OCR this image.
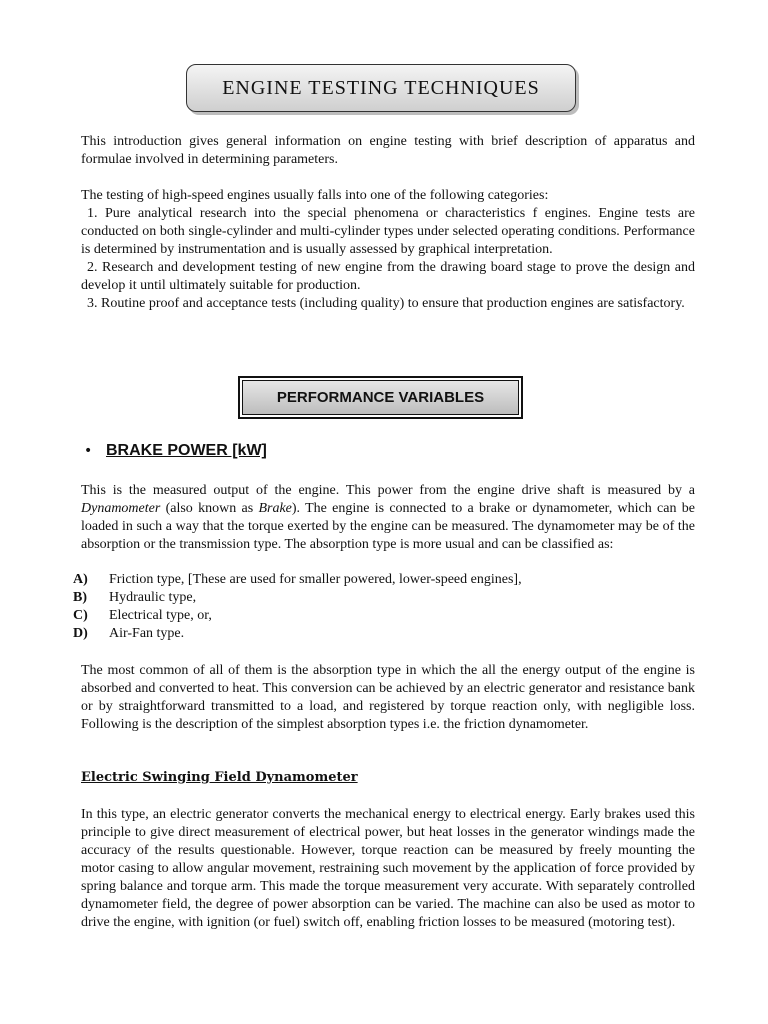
ENGINE TESTING TECHNIQUES

This introduction gives general information on engine testing with brief description of apparatus and formulae involved in determining parameters.

The testing of high-speed engines usually falls into one of the following categories:

1. Pure analytical research into the special phenomena or characteristics f engines. Engine tests are conducted on both single-cylinder and multi-cylinder types under selected operating conditions. Performance is determined by instrumentation and is usually assessed by graphical interpretation.

2. Research and development testing of new engine from the drawing board stage to prove the design and develop it until ultimately suitable for production.

3. Routine proof and acceptance tests (including quality) to ensure that production engines are satisfactory.

PERFORMANCE VARIABLES
• BRAKE POWER [kW]

This is the measured output of the engine. This power from the engine drive shaft is measured by a Dynamometer (also known as Brake). The engine is connected to a brake or dynamometer, which can be loaded in such a way that the torque exerted by the engine can be measured. The dynamometer may be of the absorption or the transmission type. The absorption type is more usual and can be classified as:

A)	Friction type, [These are used for smaller powered, lower-speed engines],
B)	Hydraulic type,
C)	Electrical type, or,
D)	Air-Fan type.

The most common of all of them is the absorption type in which the all the energy output of the engine is absorbed and converted to heat. This conversion can be achieved by an electric generator and resistance bank or by straightforward transmitted to a load, and registered by torque reaction only, with negligible loss. Following is the description of the simplest absorption types i.e. the friction dynamometer.

Electric Swinging Field Dynamometer

In this type, an electric generator converts the mechanical energy to electrical energy. Early brakes used this principle to give direct measurement of electrical power, but heat losses in the generator windings made the accuracy of the results questionable. However, torque reaction can be measured by freely mounting the motor casing to allow angular movement, restraining such movement by the application of force provided by spring balance and torque arm. This made the torque measurement very accurate. With separately controlled dynamometer field, the degree of power absorption can be varied. The machine can also be used as motor to drive the engine, with ignition (or fuel) switch off, enabling friction losses to be measured (motoring test).
